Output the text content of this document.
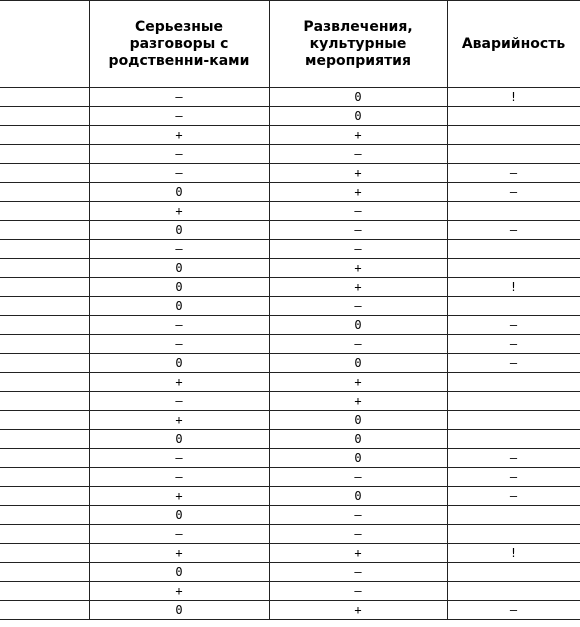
	Серьезные разговоры с родственни-ками	Развлечения, культурные мероприятия	Аварийность
	–	0	!
	–	0	
	+	+	
	–	–	
	–	+	–
	0	+	–
	+	–	
	0	–	–
	–	–	
	0	+	
	0	+	!
	0	–	
	–	0	–
	–	–	–
	0	0	–
	+	+	
	–	+	
	+	0	
	0	0	
	–	0	–
	–	–	–
	+	0	–
	0	–	
	–	–	
	+	+	!
	0	–	
	+	–	
	0	+	–
